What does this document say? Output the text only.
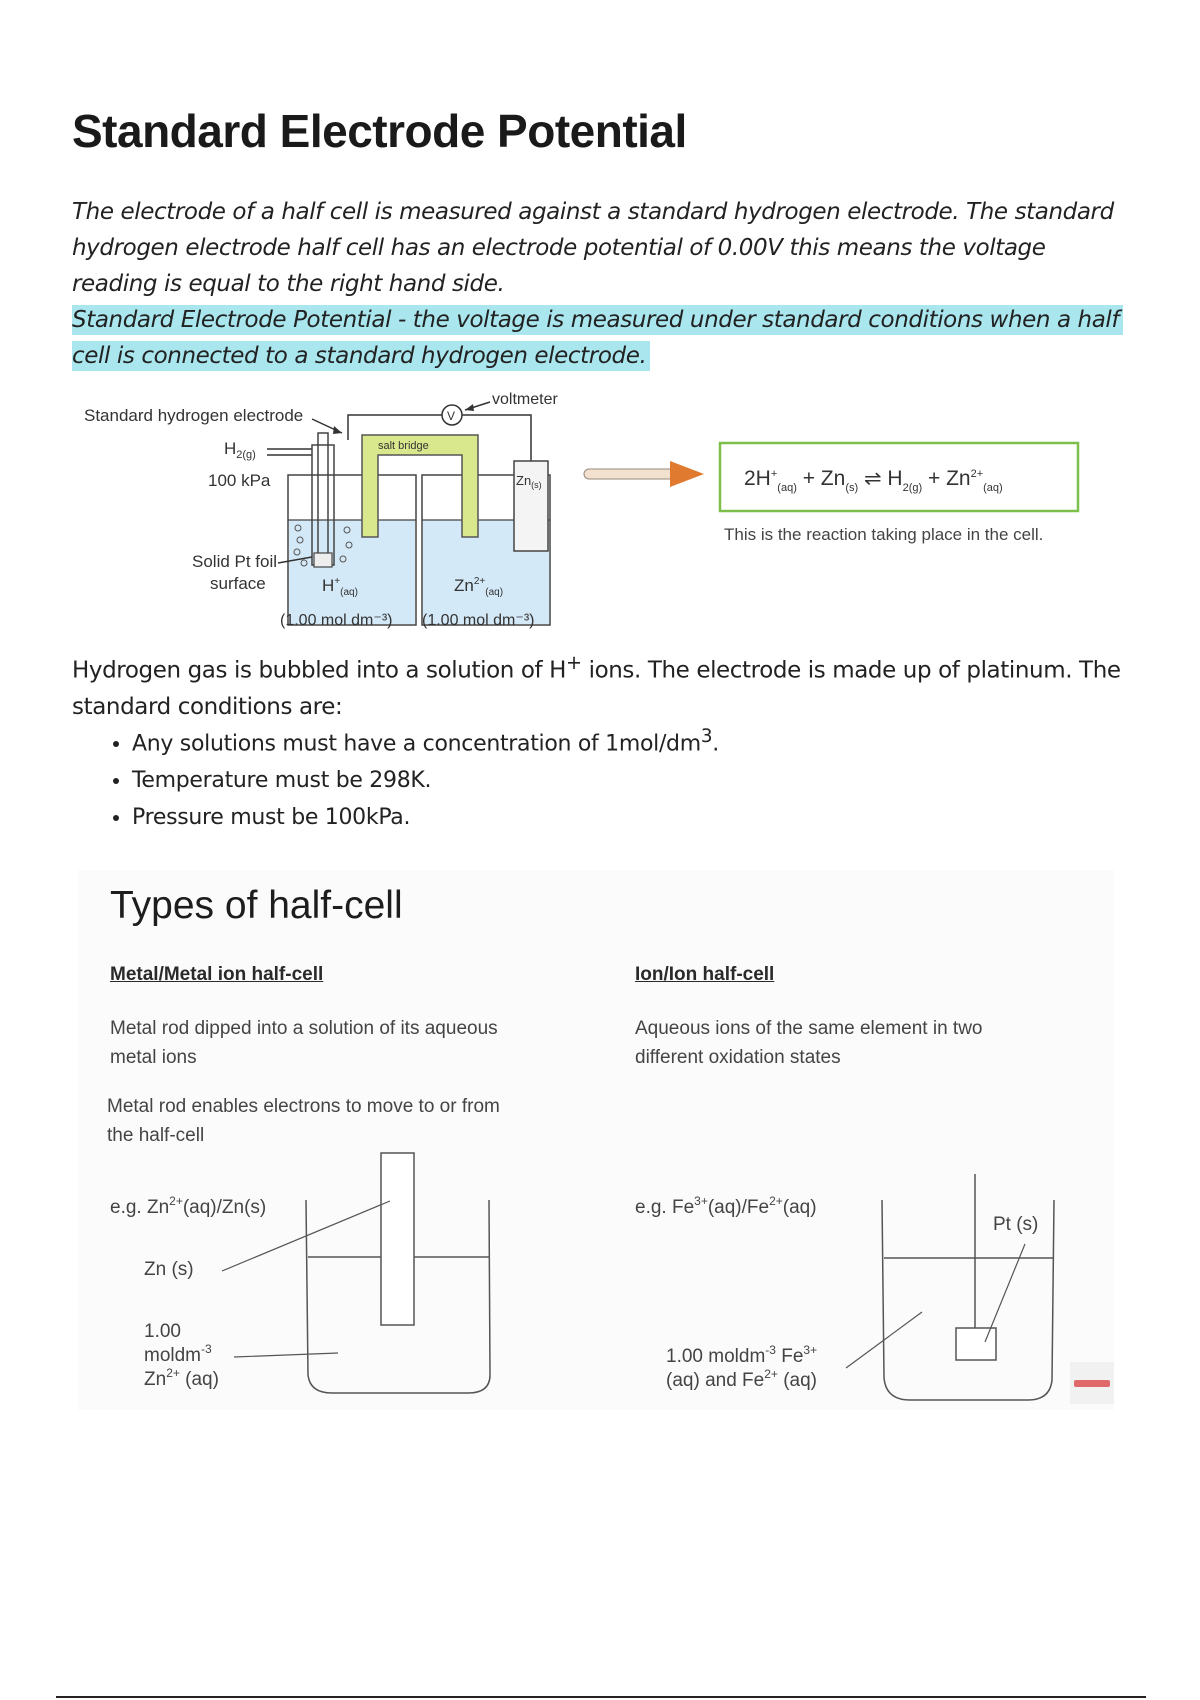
Standard Electrode Potential

The electrode of a half cell is measured against a standard hydrogen electrode. The standard hydrogen electrode half cell has an electrode potential of 0.00V this means the voltage reading is equal to the right hand side.

Standard Electrode Potential - the voltage is measured under standard conditions when a half cell is connected to a standard hydrogen electrode.

Standard hydrogen electrode
$H_{2(g)}$
100 kPa
V
voltmeter
Solid Pt foil
surface	$H^+_{(aq)}$
$Zn_{(s)}$
$Zn^{2+}_{(aq)}$
salt bridge
(1.00 mol dm⁻³) (1.00 mol dm⁻³)
$2H^+_{(aq)} + Zn_{(s)}$ ⇌ $H_{2(g)} + Zn^{2+}_{(aq)}$
This is the reaction taking place in the cell.

Hydrogen gas is bubbled into a solution of H+ ions. The electrode is made up of platinum. The standard conditions are:

• Any solutions must have a concentration of $1mol/dm^3$.
• Temperature must be 298K.
• Pressure must be 100kPa.
Types of half-cell
Metal/Metal ion half-cell	Ion/Ion half-cell
Metal rod dipped into a solution of its aqueous
metal ions
Aqueous ions of the same element in two
different oxidation states
Metal rod enables electrons to move to or from
the half-cell
e.g. $Zn^{2+}(aq)/Zn(s)$
Zn (s)
1.00
moldm$^{-3}$
$Zn^{2+}$ (aq)
e.g. $Fe^{3+}(aq)/Fe^{2+}(aq)$
1.00 moldm$^{-3}$ $Fe^{3+}$
(aq) and $Fe^{2+}$ (aq)
Pt (s)
